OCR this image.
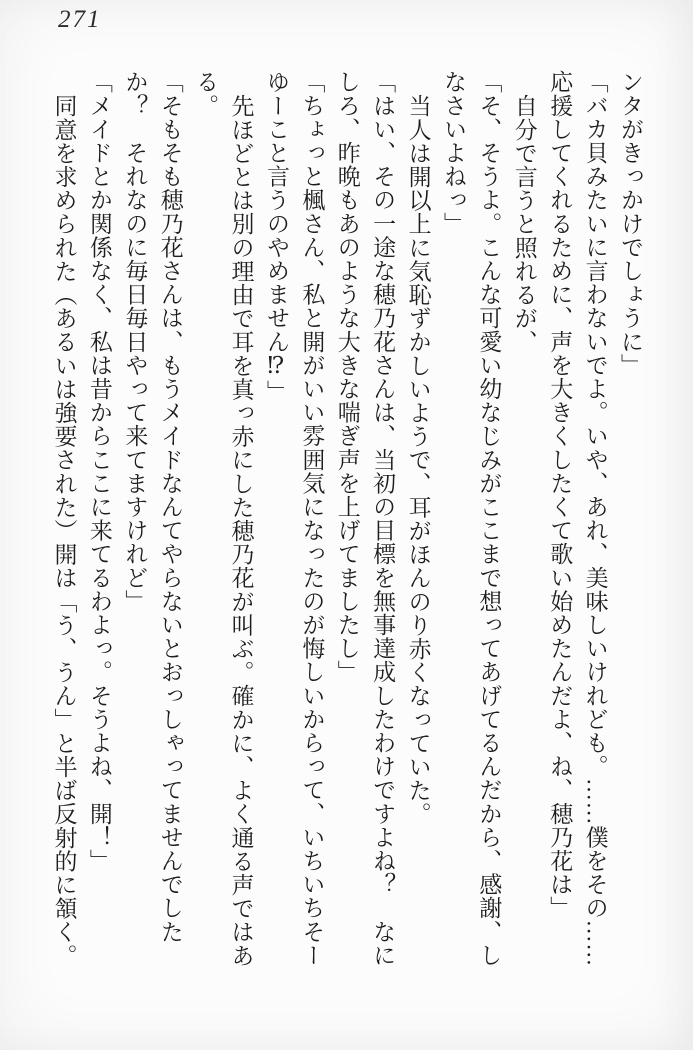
271
ンタがきっかけでしょうに」
「バカ貝みたいに言わないでよ。いや、あれ、美味しいけれども。……僕をその……
応援してくれるために、声を大きくしたくて歌い始めたんだよ、ね、穂乃花は」
自分で言うと照れるが、
「そ、そうよ。こんな可愛い幼なじみがここまで想ってあげてるんだから、感謝、し
なさいよねっ」
当人は開以上に気恥ずかしいようで、耳がほんのり赤くなっていた。
「はい、その一途な穂乃花さんは、当初の目標を無事達成したわけですよね？　なに
しろ、昨晩もあのような大きな喘ぎ声を上げてましたし」
「ちょっと楓さん、私と開がいい雰囲気になったのが悔しいからって、いちいちそー
ゆーこと言うのやめません⁉」
先ほどとは別の理由で耳を真っ赤にした穂乃花が叫ぶ。確かに、よく通る声ではあ
る。
「そもそも穂乃花さんは、もうメイドなんてやらないとおっしゃってませんでした
か？　それなのに毎日毎日やって来てますけれど」
「メイドとか関係なく、私は昔からここに来てるわよっ。そうよね、開！」
同意を求められた（あるいは強要された）開は「う、うん」と半ば反射的に頷く。
